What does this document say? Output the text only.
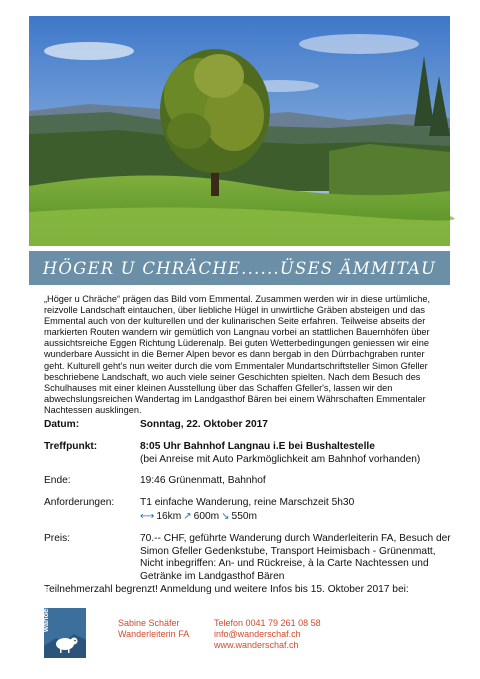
HÖGER U CHRÄCHE......ÜSES ÄMMITAU

„Höger u Chräche“ prägen das Bild vom Emmental. Zusammen werden wir in diese urtümliche, reizvolle Landschaft eintauchen, über liebliche Hügel in unwirtliche Gräben absteigen und das Emmental auch von der kulturellen und der kulinarischen Seite erfahren. Teilweise abseits der markierten Routen wandern wir gemütlich von Langnau vorbei an stattlichen Bauernhöfen über aussichtsreiche Eggen Richtung Lüderenalp. Bei guten Wetterbedingungen geniessen wir eine wunderbare Aussicht in die Berner Alpen bevor es dann bergab in den Dürrbachgraben runter geht. Kulturell geht's nun weiter durch die vom Emmentaler Mundartschriftsteller Simon Gfeller beschriebene Landschaft, wo auch viele seiner Geschichten spielten. Nach dem Besuch des Schulhauses mit einer kleinen Ausstellung über das Schaffen Gfeller's, lassen wir den abwechslungsreichen Wandertag im Landgasthof Bären bei einem Währschaften Emmentaler Nachtessen ausklingen.

Datum:	Sonntag, 22. Oktober 2017
Treffpunkt:	8:05 Uhr Bahnhof Langnau i.E bei Bushaltestelle
(bei Anreise mit Auto Parkmöglichkeit am Bahnhof vorhanden)
Ende:	19:46 Grünenmatt, Bahnhof
Anforderungen:	T1 einfache Wanderung, reine Marschzeit 5h30
⟷ 16km ↗ 600m ↘ 550m
Preis:	70.-- CHF, geführte Wanderung durch Wanderleiterin FA, Besuch der Simon Gfeller Gedenkstube, Transport Heimisbach - Grünenmatt, Nicht inbegriffen: An- und Rückreise, à la Carte Nachtessen und Getränke im Landgasthof Bären
Teilnehmerzahl begrenzt! Anmeldung und weitere Infos bis 15. Oktober 2017 bei:
wanderschaf	Sabine Schäfer
Wanderleiterin FA
Telefon 0041 79 261 08 58
info@wanderschaf.ch
www.wanderschaf.ch
